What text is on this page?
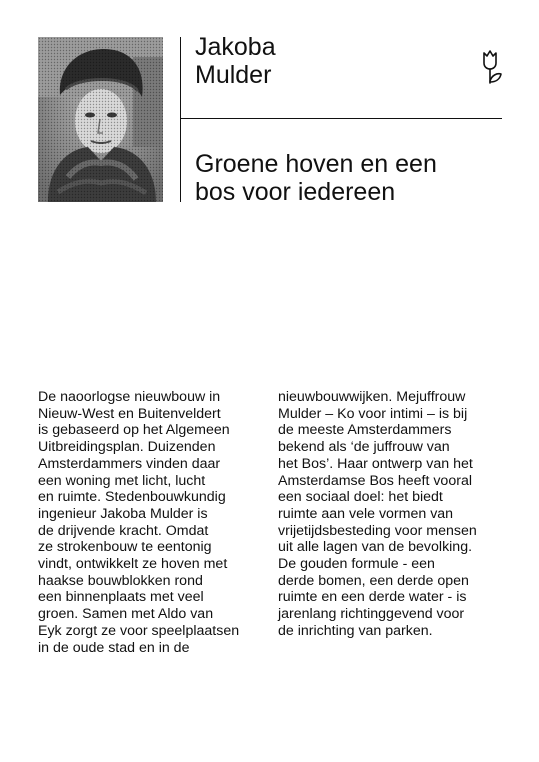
Jakoba
Mulder
Groene hoven en een
bos voor iedereen
De naoorlogse nieuwbouw in
Nieuw-West en Buitenveldert
is gebaseerd op het Algemeen
Uitbreidingsplan. Duizenden
Amsterdammers vinden daar
een woning met licht, lucht
en ruimte. Stedenbouwkundig
ingenieur Jakoba Mulder is
de drijvende kracht. Omdat
ze strokenbouw te eentonig
vindt, ontwikkelt ze hoven met
haakse bouwblokken rond
een binnenplaats met veel
groen. Samen met Aldo van
Eyk zorgt ze voor speelplaatsen
in de oude stad en in de
nieuwbouwwijken. Mejuffrouw
Mulder – Ko voor intimi – is bij
de meeste Amsterdammers
bekend als ‘de juffrouw van
het Bos’. Haar ontwerp van het
Amsterdamse Bos heeft vooral
een sociaal doel: het biedt
ruimte aan vele vormen van
vrijetijdsbesteding voor mensen
uit alle lagen van de bevolking.
De gouden formule - een
derde bomen, een derde open
ruimte en een derde water - is
jarenlang richtinggevend voor
de inrichting van parken.
